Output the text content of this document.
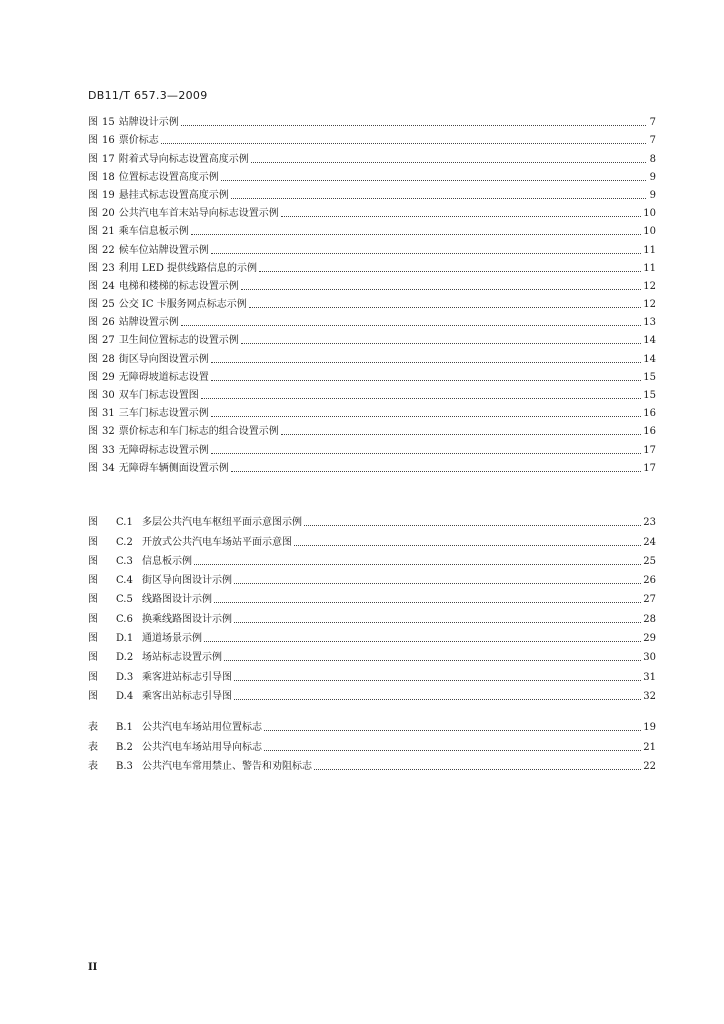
DB11/T 657.3—2009
图 15 站牌设计示例	7
图 16 票价标志	7
图 17 附着式导向标志设置高度示例	8
图 18 位置标志设置高度示例	9
图 19 悬挂式标志设置高度示例	9
图 20 公共汽电车首末站导向标志设置示例	10
图 21 乘车信息板示例	10
图 22 候车位站牌设置示例	11
图 23 利用 LED 提供线路信息的示例	11
图 24 电梯和楼梯的标志设置示例	12
图 25 公交 IC 卡服务网点标志示例	12
图 26 站牌设置示例	13
图 27 卫生间位置标志的设置示例	14
图 28 街区导向图设置示例	14
图 29 无障碍坡道标志设置	15
图 30 双车门标志设置图	15
图 31 三车门标志设置示例	16
图 32 票价标志和车门标志的组合设置示例	16
图 33 无障碍标志设置示例	17
图 34 无障碍车辆侧面设置示例	17
图 C.1 多层公共汽电车枢纽平面示意图示例	23
图 C.2 开放式公共汽电车场站平面示意图	24
图 C.3 信息板示例	25
图 C.4 街区导向图设计示例	26
图 C.5 线路图设计示例	27
图 C.6 换乘线路图设计示例	28
图 D.1 通道场景示例	29
图 D.2 场站标志设置示例	30
图 D.3 乘客进站标志引导图	31
图 D.4 乘客出站标志引导图	32
表 B.1 公共汽电车场站用位置标志	19
表 B.2 公共汽电车场站用导向标志	21
表 B.3 公共汽电车常用禁止、警告和劝阻标志	22
II
